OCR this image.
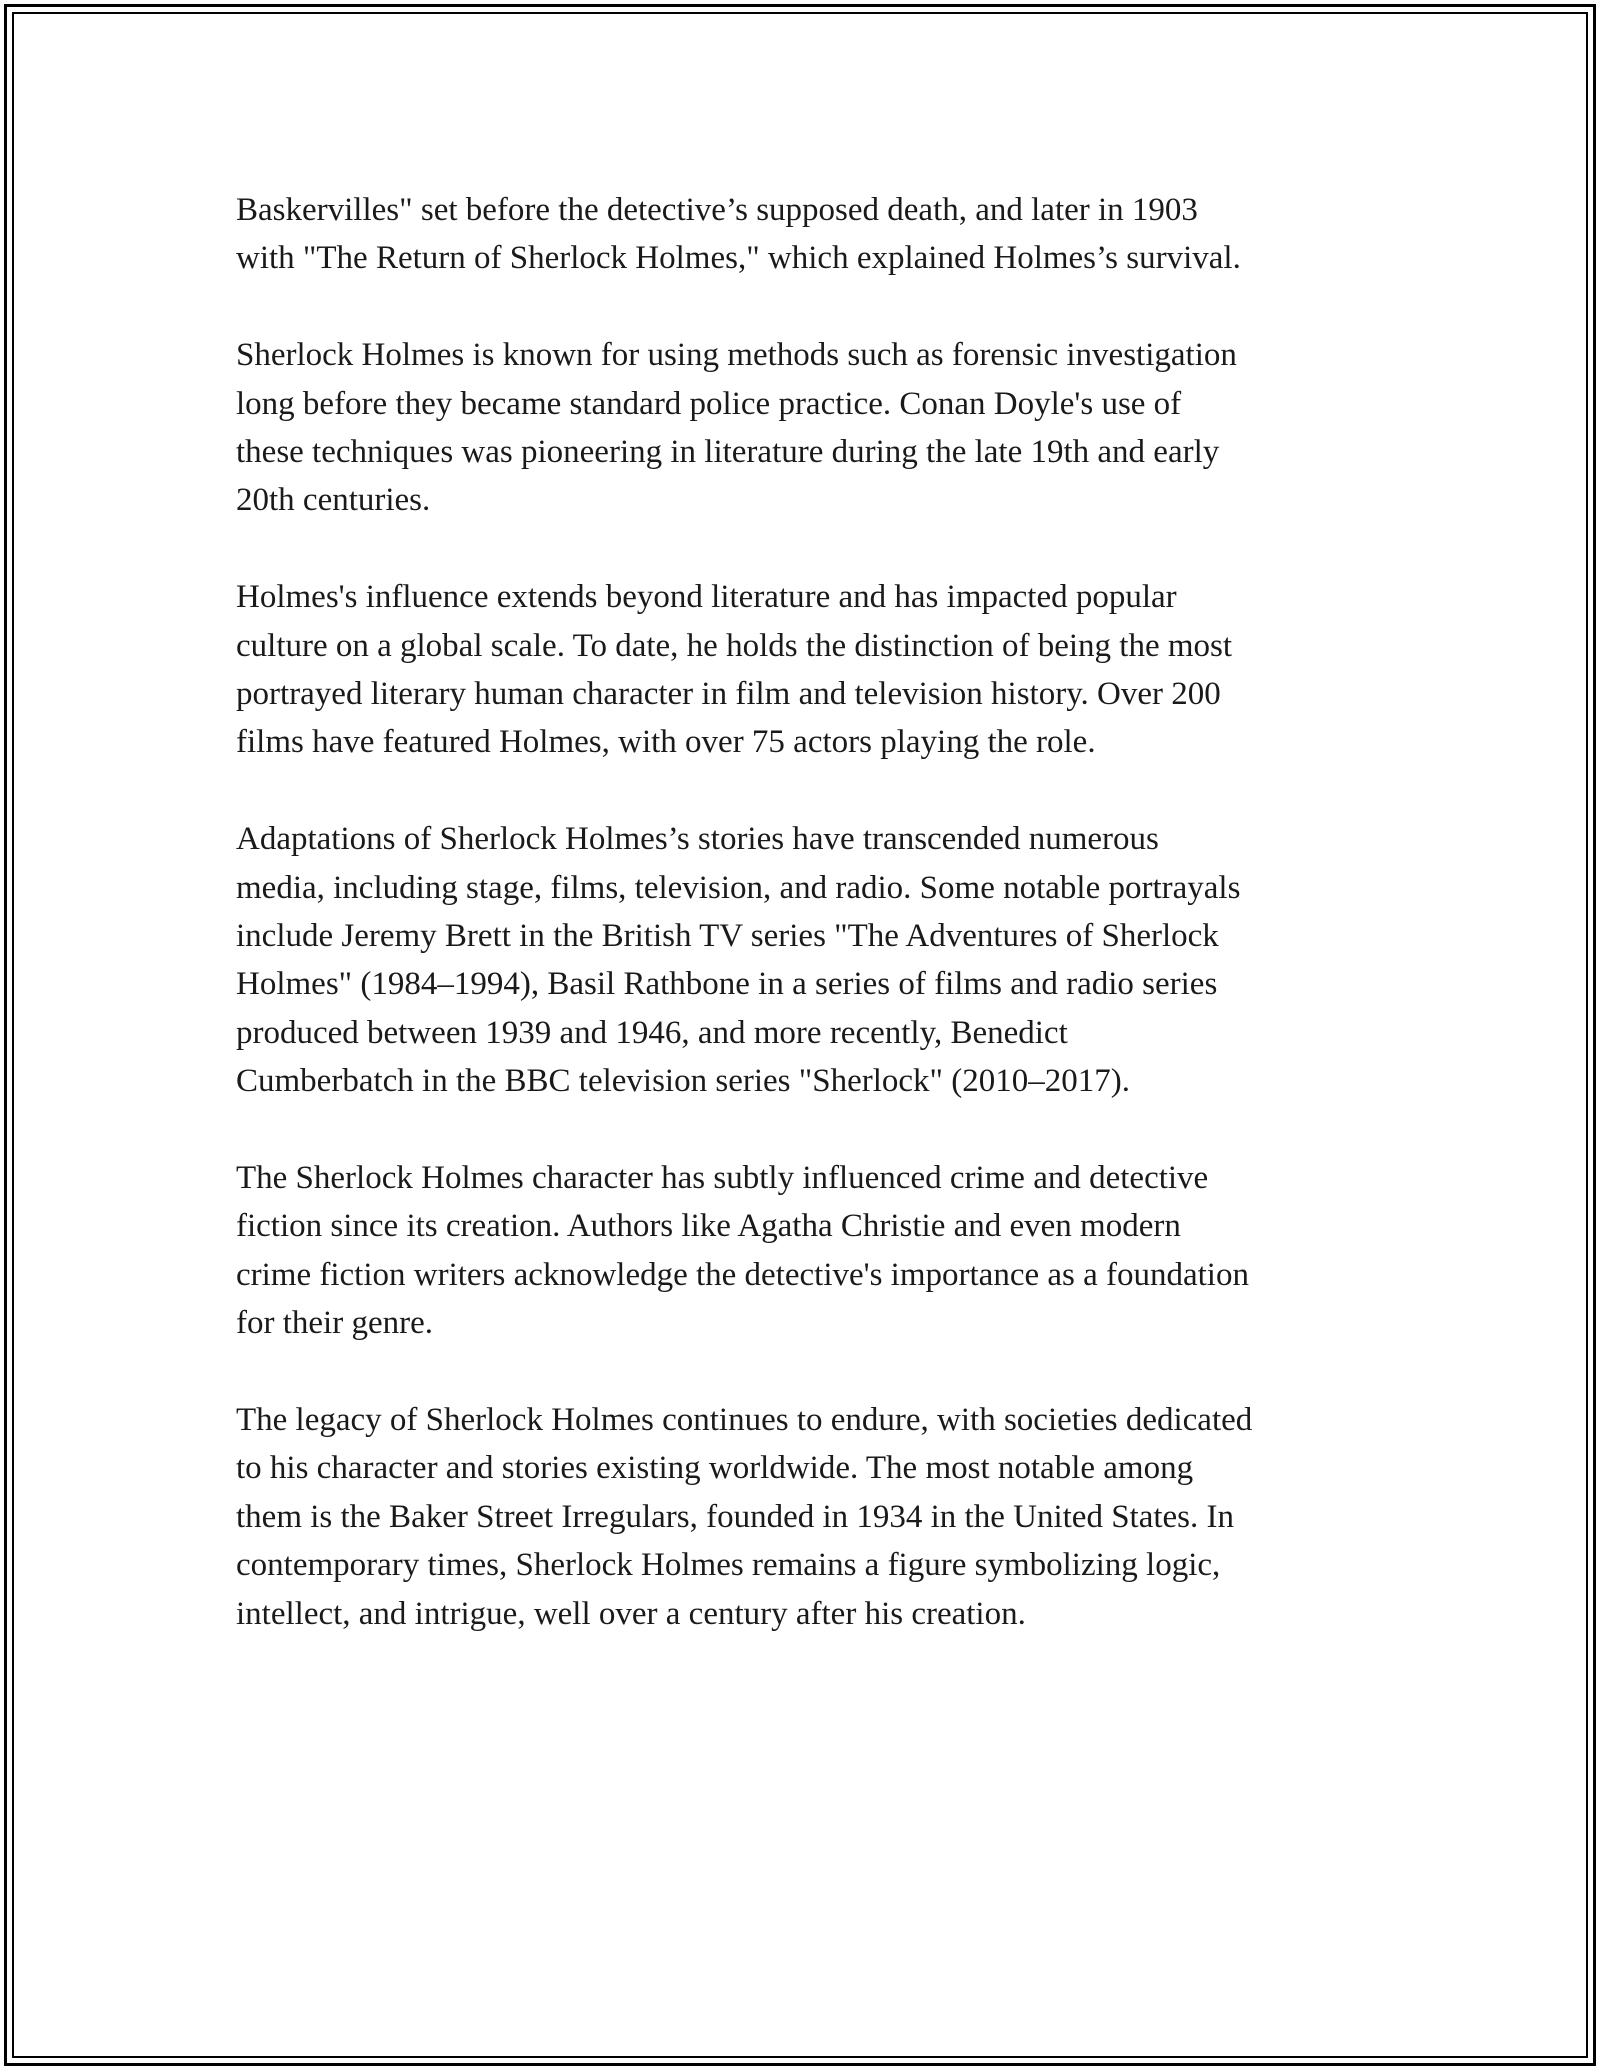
Baskervilles" set before the detective’s supposed death, and later in 1903
with "The Return of Sherlock Holmes," which explained Holmes’s survival.

Sherlock Holmes is known for using methods such as forensic investigation
long before they became standard police practice. Conan Doyle's use of
these techniques was pioneering in literature during the late 19th and early
20th centuries.

Holmes's influence extends beyond literature and has impacted popular
culture on a global scale. To date, he holds the distinction of being the most
portrayed literary human character in film and television history. Over 200
films have featured Holmes, with over 75 actors playing the role.

Adaptations of Sherlock Holmes’s stories have transcended numerous
media, including stage, films, television, and radio. Some notable portrayals
include Jeremy Brett in the British TV series "The Adventures of Sherlock
Holmes" (1984–1994), Basil Rathbone in a series of films and radio series
produced between 1939 and 1946, and more recently, Benedict
Cumberbatch in the BBC television series "Sherlock" (2010–2017).

The Sherlock Holmes character has subtly influenced crime and detective
fiction since its creation. Authors like Agatha Christie and even modern
crime fiction writers acknowledge the detective's importance as a foundation
for their genre.

The legacy of Sherlock Holmes continues to endure, with societies dedicated
to his character and stories existing worldwide. The most notable among
them is the Baker Street Irregulars, founded in 1934 in the United States. In
contemporary times, Sherlock Holmes remains a figure symbolizing logic,
intellect, and intrigue, well over a century after his creation.
